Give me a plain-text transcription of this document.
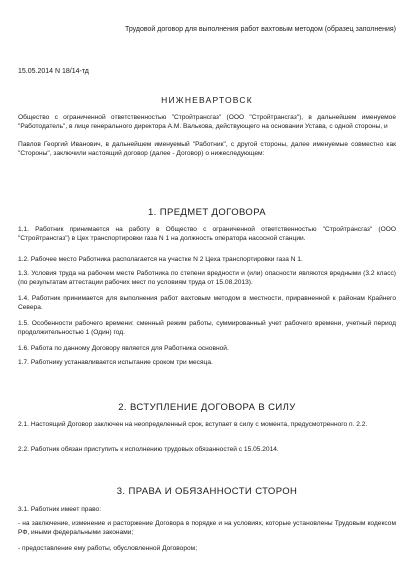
Трудовой договор для выполнения работ вахтовым методом (образец заполнения)
15.05.2014 N 18/14-тд
НИЖНЕВАРТОВСК

Общество с ограниченной ответственностью "Стройтрансгаз" (ООО "Стройтрансгаз"), в дальнейшем именуемое "Работодатель", в лице генерального директора А.М. Валькова, действующего на основании Устава, с одной стороны, и

Павлов Георгий Иванович, в дальнейшем именуемый "Работник", с другой стороны, далее именуемые совместно как "Стороны", заключили настоящий договор (далее - Договор) о нижеследующем:

1. ПРЕДМЕТ ДОГОВОРА
1.1. Работник принимается на работу в Общество с ограниченной ответственностью "Стройтрансгаз" (ООО "Стройтрансгаз") в Цех транспортировки газа N 1 на должность оператора насосной станции.
1.2. Рабочее место Работника располагается на участке N 2 Цеха транспортировки газа N 1.
1.3. Условия труда на рабочем месте Работника по степени вредности и (или) опасности являются вредными (3.2 класс) (по результатам аттестации рабочих мест по условиям труда от 15.08.2013).
1.4. Работник принимается для выполнения работ вахтовым методом в местности, приравненной к районам Крайнего Севера.
1.5. Особенности рабочего времени: сменный режим работы, суммированный учет рабочего времени, учетный период продолжительностью 1 (Один) год.
1.6. Работа по данному Договору является для Работника основной.
1.7. Работнику устанавливается испытание сроком три месяца.
2. ВСТУПЛЕНИЕ ДОГОВОРА В СИЛУ
2.1. Настоящий Договор заключен на неопределенный срок, вступает в силу с момента, предусмотренного п. 2.2.
2.2. Работник обязан приступить к исполнению трудовых обязанностей с 15.05.2014.
3. ПРАВА И ОБЯЗАННОСТИ СТОРОН
3.1. Работник имеет право:
- на заключение, изменение и расторжение Договора в порядке и на условиях, которые установлены Трудовым кодексом РФ, иными федеральными законами;
- предоставление ему работы, обусловленной Договором;
